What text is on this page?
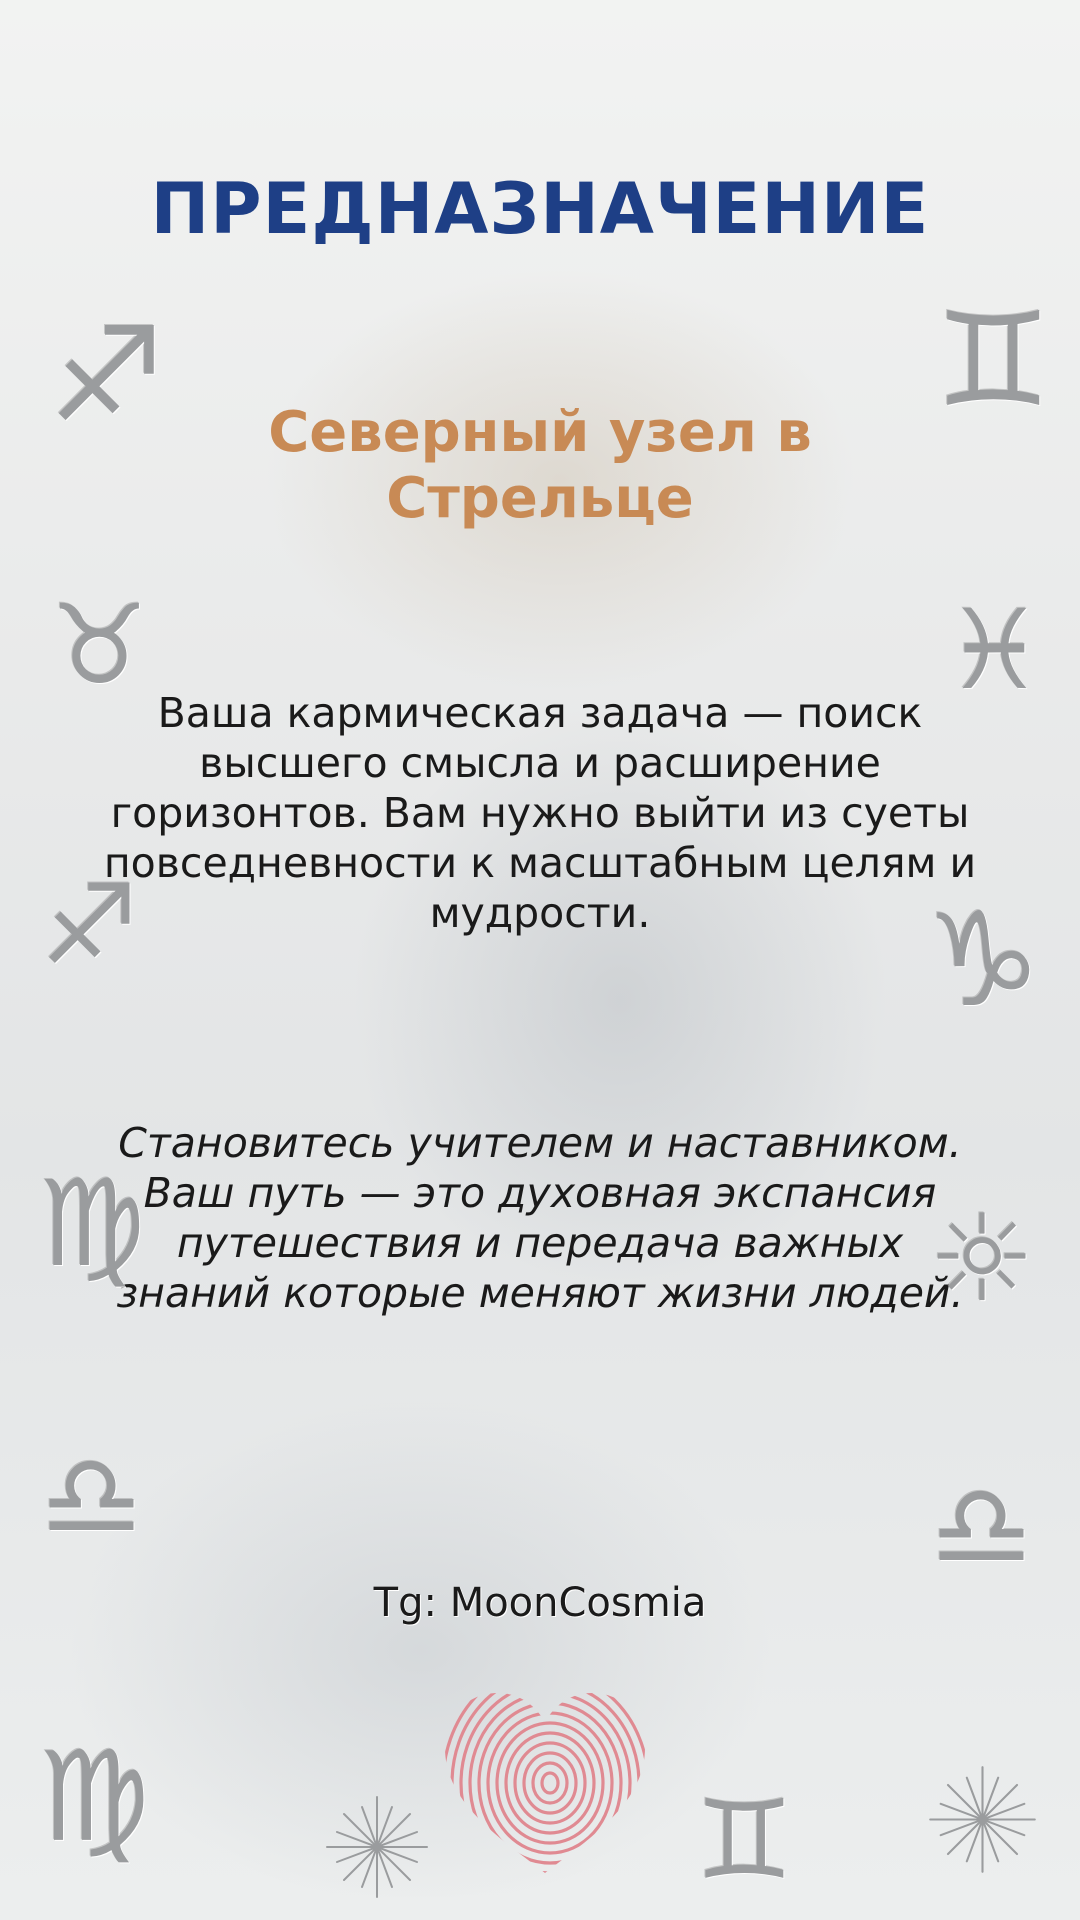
ПРЕДНАЗНАЧЕНИЕ
Северный узел в Стрельце

Ваша кармическая задача — поиск высшего смысла и расширение горизонтов. Вам нужно выйти из суеты повседневности к масштабным целям и мудрости.

Становитесь учителем и наставником. Ваш путь — это духовная экспансия путешествия и передача важных знаний которые меняют жизни людей.

Tg: MoonCosmia
♐	♊
♉	♓
♐	♑
♍	☼
♎	♎
♍	♊
